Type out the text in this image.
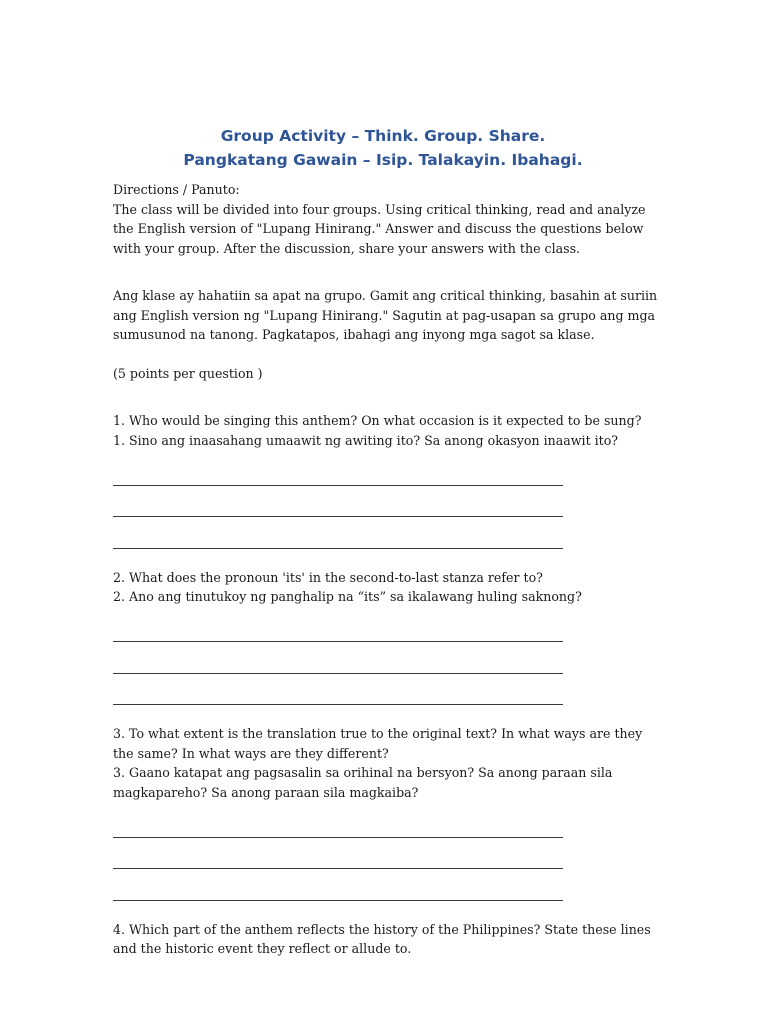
Group Activity – Think. Group. Share.
Pangkatang Gawain – Isip. Talakayin. Ibahagi.

Directions / Panuto:

The class will be divided into four groups. Using critical thinking, read and analyze the English version of "Lupang Hinirang." Answer and discuss the questions below with your group. After the discussion, share your answers with the class.

Ang klase ay hahatiin sa apat na grupo. Gamit ang critical thinking, basahin at suriin ang English version ng "Lupang Hinirang." Sagutin at pag-usapan sa grupo ang mga sumusunod na tanong. Pagkatapos, ibahagi ang inyong mga sagot sa klase.

(5 points per question )

1. Who would be singing this anthem? On what occasion is it expected to be sung?

1. Sino ang inaasahang umaawit ng awiting ito? Sa anong okasyon inaawit ito?

2. What does the pronoun 'its' in the second-to-last stanza refer to?

2. Ano ang tinutukoy ng panghalip na “its” sa ikalawang huling saknong?

3. To what extent is the translation true to the original text? In what ways are they the same? In what ways are they different?

3. Gaano katapat ang pagsasalin sa orihinal na bersyon? Sa anong paraan sila magkapareho? Sa anong paraan sila magkaiba?

4. Which part of the anthem reflects the history of the Philippines? State these lines and the historic event they reflect or allude to.
